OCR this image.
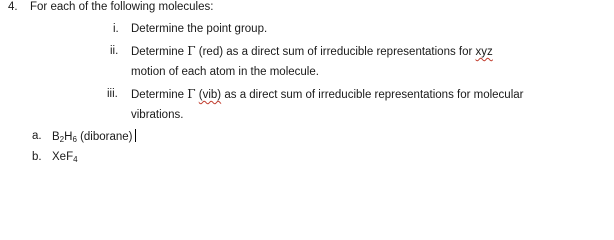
4. For each of the following molecules:
i. Determine the point group.
ii. Determine Γ (red) as a direct sum of irreducible representations for xyz
motion of each atom in the molecule.
iii. Determine Γ (vib) as a direct sum of irreducible representations for molecular
vibrations.
a. $B_2H_6$ (diborane)
b. XeF$_4$
